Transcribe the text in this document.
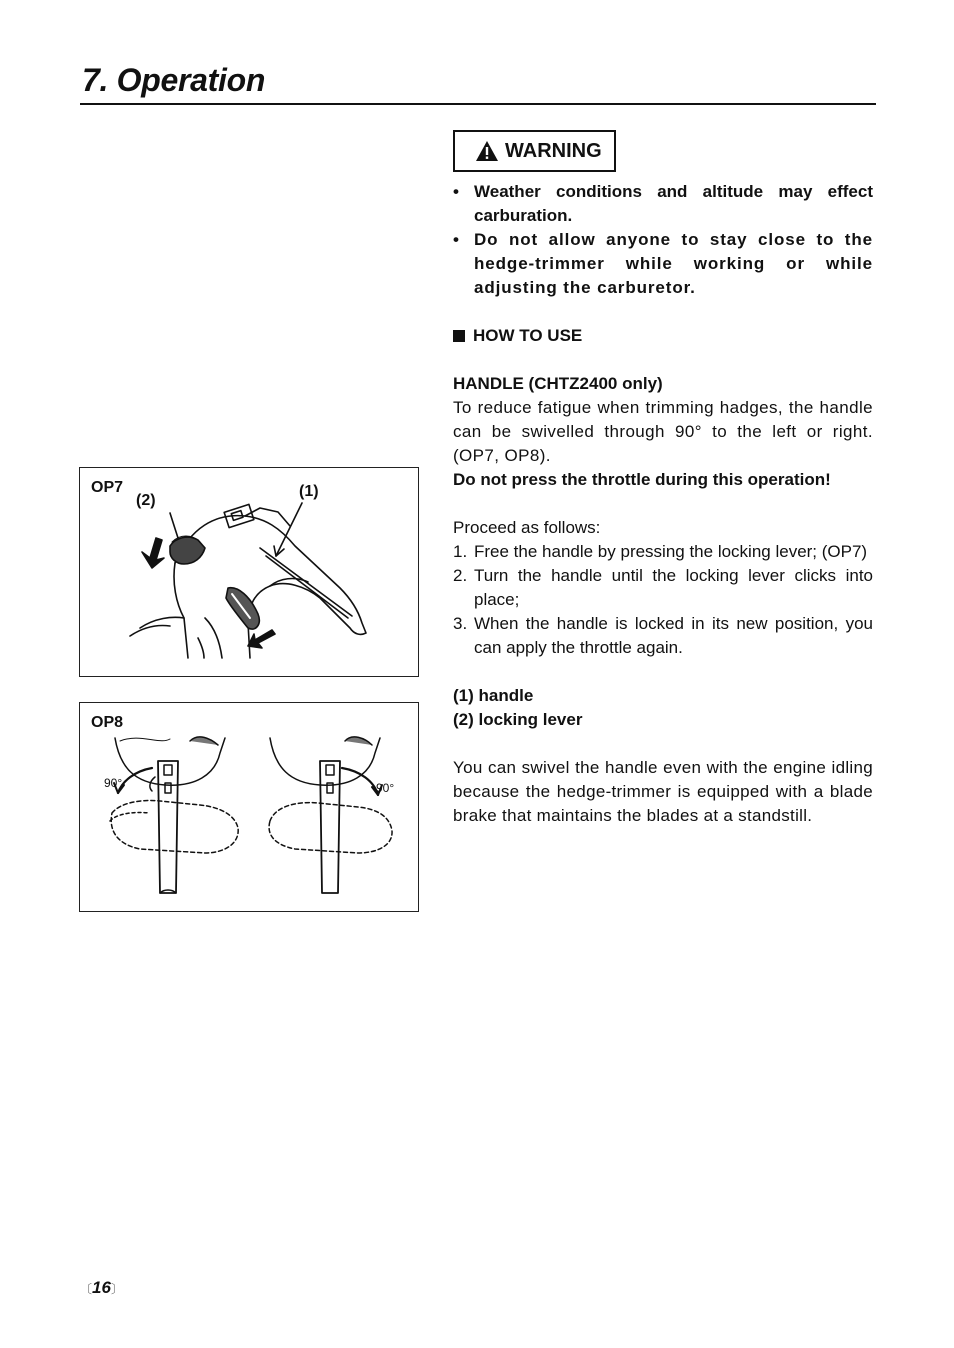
7. Operation
OP7
(2)
(1)
OP8
90°	90°
WARNING
• Weather conditions and altitude may effect carburation.
• Do not allow anyone to stay close to the hedge-trimmer while working or while adjusting the carburetor.
HOW TO USE
HANDLE (CHTZ2400 only)
To reduce fatigue when trimming hadges, the handle can be swivelled through 90° to the left or right. (OP7, OP8).
Do not press the throttle during this operation!
Proceed as follows:
1. Free the handle by pressing the locking lever; (OP7)
2. Turn the handle until the locking lever clicks into place;
3. When the handle is locked in its new position, you can apply the throttle again.
(1) handle
(2) locking lever
You can swivel the handle even with the engine idling because the hedge-trimmer is equipped with a blade brake that maintains the blades at a standstill.
〔16〕
